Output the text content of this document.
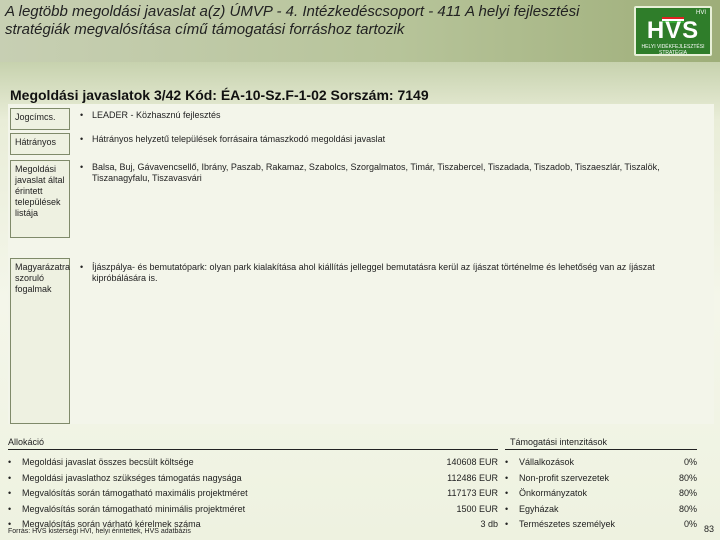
A legtöbb megoldási javaslat a(z) ÚMVP - 4. Intézkedéscsoport - 411 A helyi fejlesztési stratégiák megvalósítása című támogatási forráshoz tartozik
HVI
HVS
HELYI VIDÉKFEJLESZTÉSI STRATÉGIA
Megoldási javaslatok 3/42 Kód: ÉA-10-Sz.F-1-02 Sorszám: 7149
Jogcímcs.	• LEADER - Közhasznú fejlesztés
Hátrányos	• Hátrányos helyzetű települések forrásaira támaszkodó megoldási javaslat
Megoldási javaslat által érintett települések listája
• Balsa, Buj, Gávavencsellő, Ibrány, Paszab, Rakamaz, Szabolcs, Szorgalmatos, Timár, Tiszabercel, Tiszadada, Tiszadob, Tiszaeszlár, Tiszalök, Tiszanagyfalu, Tiszavasvári
Magyarázatra szoruló fogalmak
• Íjászpálya- és bemutatópark: olyan park kialakítása ahol kiállítás jelleggel bemutatásra kerül az íjászat történelme és lehetőség van az íjászat kipróbálására is.
Allokáció
• Megoldási javaslat összes becsült költsége	140608 EUR
• Megoldási javaslathoz szükséges támogatás nagysága	112486 EUR
• Megvalósítás során támogatható maximális projektméret	117173 EUR
• Megvalósítás során támogatható minimális projektméret	1500 EUR
• Megvalósítás során várható kérelmek száma	3 db
Támogatási intenzitások
• Vállalkozások	0%
• Non-profit szervezetek	80%
• Önkormányzatok	80%
• Egyházak	80%
• Természetes személyek	0%
Forrás: HVS kistérségi HVI, helyi érintettek, HVS adatbázis	83
